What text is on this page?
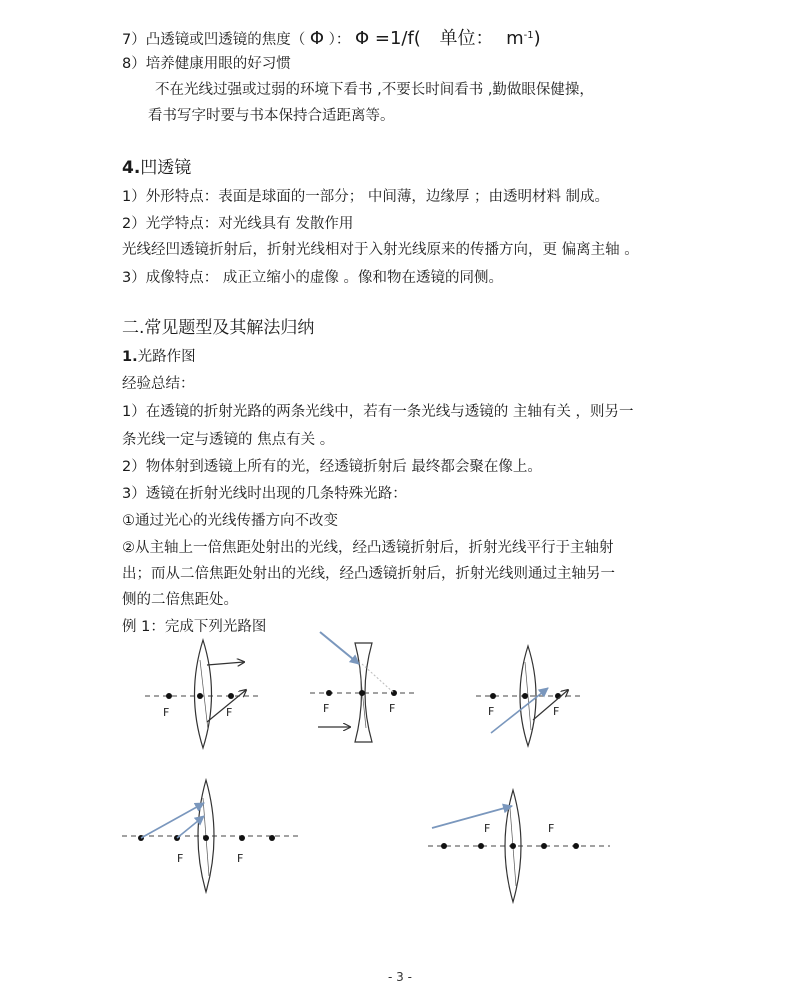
7）凸透镜或凹透镜的焦度（ Φ ）： Φ =1/f( 单位： $m^{-1}$)
8）培养健康用眼的好习惯
不在光线过强或过弱的环境下看书 ,不要长时间看书 ,勤做眼保健操，
看书写字时要与书本保持合适距离等。
4.凹透镜
1）外形特点：表面是球面的一部分； 中间薄，边缘厚 ；由透明材料 制成。
2）光学特点：对光线具有 发散作用
光线经凹透镜折射后，折射光线相对于入射光线原来的传播方向，更 偏离主轴 。
3）成像特点： 成正立缩小的虚像 。像和物在透镜的同侧。
二.常见题型及其解法归纳
1.光路作图
经验总结：
1）在透镜的折射光路的两条光线中，若有一条光线与透镜的 主轴有关 ，则另一
条光线一定与透镜的 焦点有关 。
2）物体射到透镜上所有的光，经透镜折射后 最终都会聚在像上。
3）透镜在折射光线时出现的几条特殊光路：
①通过光心的光线传播方向不改变
②从主轴上一倍焦距处射出的光线，经凸透镜折射后，折射光线平行于主轴射
出；而从二倍焦距处射出的光线，经凸透镜折射后，折射光线则通过主轴另一
侧的二倍焦距处。
例 1：完成下列光路图
F	F	F	F	F	F
F	F
F	F
- 3 -
